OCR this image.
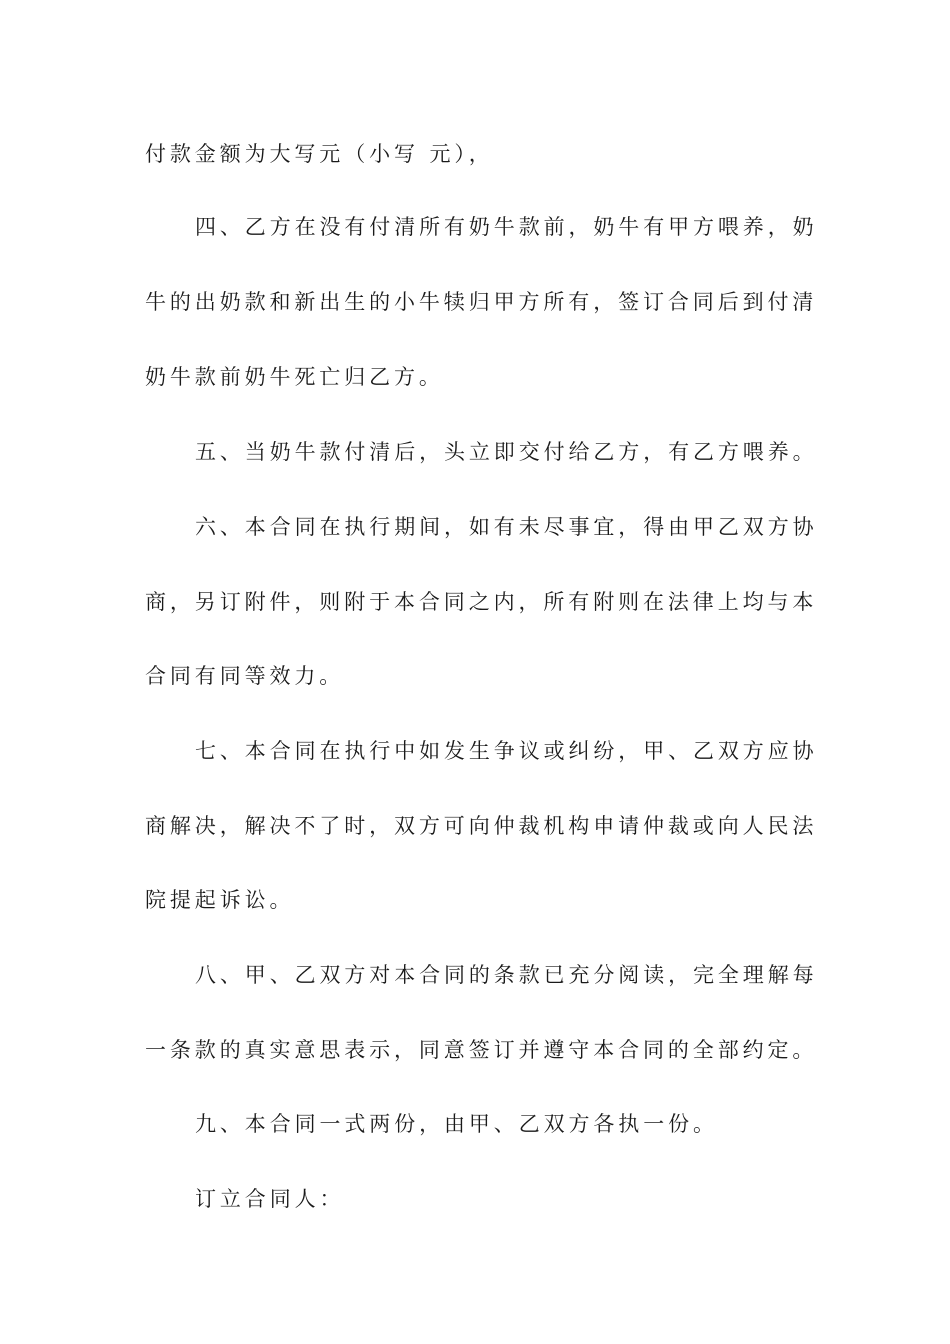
付款金额为大写元（小写 元），
四、乙方在没有付清所有奶牛款前，奶牛有甲方喂养，奶
牛的出奶款和新出生的小牛犊归甲方所有，签订合同后到付清
奶牛款前奶牛死亡归乙方。
五、当奶牛款付清后，头立即交付给乙方，有乙方喂养。
六、本合同在执行期间，如有未尽事宜，得由甲乙双方协
商，另订附件，则附于本合同之内，所有附则在法律上均与本
合同有同等效力。
七、本合同在执行中如发生争议或纠纷，甲、乙双方应协
商解决，解决不了时，双方可向仲裁机构申请仲裁或向人民法
院提起诉讼。
八、甲、乙双方对本合同的条款已充分阅读，完全理解每
一条款的真实意思表示，同意签订并遵守本合同的全部约定。
九、本合同一式两份，由甲、乙双方各执一份。
订立合同人：
